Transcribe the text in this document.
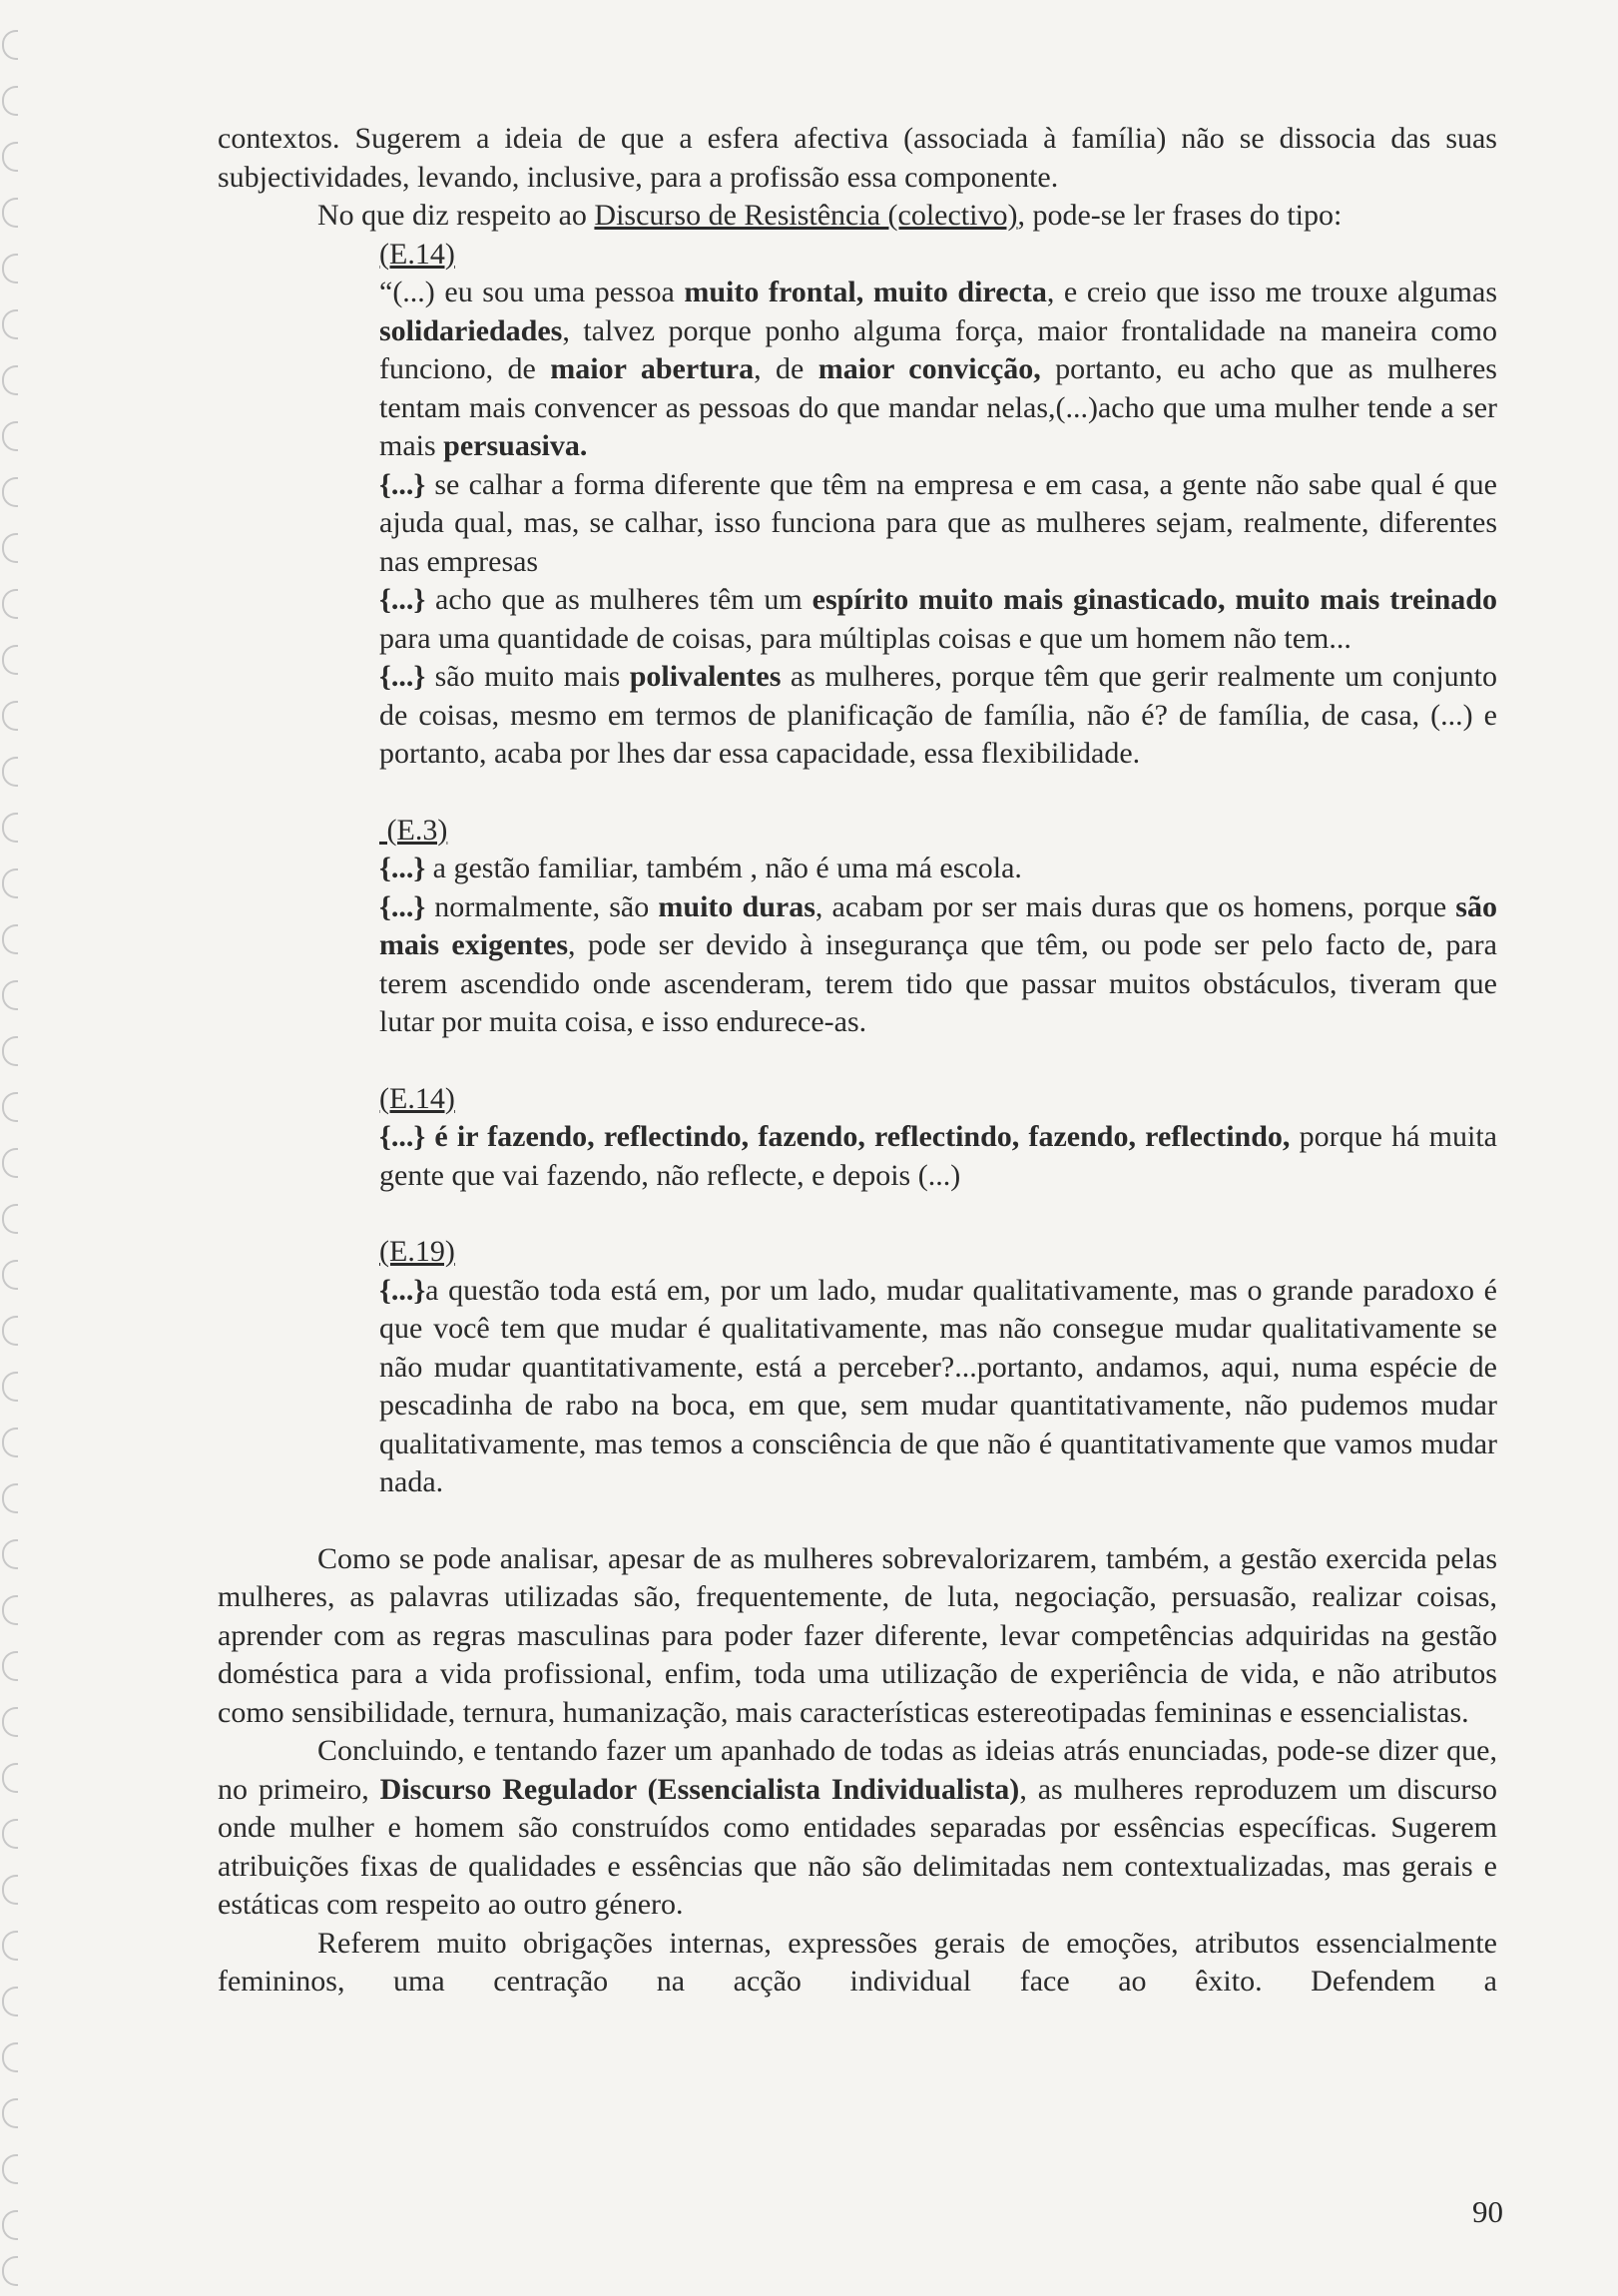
contextos. Sugerem a ideia de que a esfera afectiva (associada à família) não se dissocia das suas subjectividades, levando, inclusive, para a profissão essa componente.

No que diz respeito ao Discurso de Resistência (colectivo), pode-se ler frases do tipo:

(E.14)

“(...) eu sou uma pessoa muito frontal, muito directa, e creio que isso me trouxe algumas solidariedades, talvez porque ponho alguma força, maior frontalidade na maneira como funciono, de maior abertura, de maior convicção, portanto, eu acho que as mulheres tentam mais convencer as pessoas do que mandar nelas,(...)acho que uma mulher tende a ser mais persuasiva.

{...} se calhar a forma diferente que têm na empresa e em casa, a gente não sabe qual é que ajuda qual, mas, se calhar, isso funciona para que as mulheres sejam, realmente, diferentes nas empresas

{...} acho que as mulheres têm um espírito muito mais ginasticado, muito mais treinado para uma quantidade de coisas, para múltiplas coisas e que um homem não tem...

{...} são muito mais polivalentes as mulheres, porque têm que gerir realmente um conjunto de coisas, mesmo em termos de planificação de família, não é? de família, de casa, (...) e portanto, acaba por lhes dar essa capacidade, essa flexibilidade.

(E.3)

{...} a gestão familiar, também , não é uma má escola.

{...} normalmente, são muito duras, acabam por ser mais duras que os homens, porque são mais exigentes, pode ser devido à insegurança que têm, ou pode ser pelo facto de, para terem ascendido onde ascenderam, terem tido que passar muitos obstáculos, tiveram que lutar por muita coisa, e isso endurece-as.

(E.14)

{...} é ir fazendo, reflectindo, fazendo, reflectindo, fazendo, reflectindo, porque há muita gente que vai fazendo, não reflecte, e depois (...)

(E.19)

{...}a questão toda está em, por um lado, mudar qualitativamente, mas o grande paradoxo é que você tem que mudar é qualitativamente, mas não consegue mudar qualitativamente se não mudar quantitativamente, está a perceber?...portanto, andamos, aqui, numa espécie de pescadinha de rabo na boca, em que, sem mudar quantitativamente, não pudemos mudar qualitativamente, mas temos a consciência de que não é quantitativamente que vamos mudar nada.

Como se pode analisar, apesar de as mulheres sobrevalorizarem, também, a gestão exercida pelas mulheres, as palavras utilizadas são, frequentemente, de luta, negociação, persuasão, realizar coisas, aprender com as regras masculinas para poder fazer diferente, levar competências adquiridas na gestão doméstica para a vida profissional, enfim, toda uma utilização de experiência de vida, e não atributos como sensibilidade, ternura, humanização, mais características estereotipadas femininas e essencialistas.

Concluindo, e tentando fazer um apanhado de todas as ideias atrás enunciadas, pode-se dizer que, no primeiro, Discurso Regulador (Essencialista Individualista), as mulheres reproduzem um discurso onde mulher e homem são construídos como entidades separadas por essências específicas. Sugerem atribuições fixas de qualidades e essências que não são delimitadas nem contextualizadas, mas gerais e estáticas com respeito ao outro género.

Referem muito obrigações internas, expressões gerais de emoções, atributos essencialmente femininos, uma centração na acção individual face ao êxito. Defendem a

90
